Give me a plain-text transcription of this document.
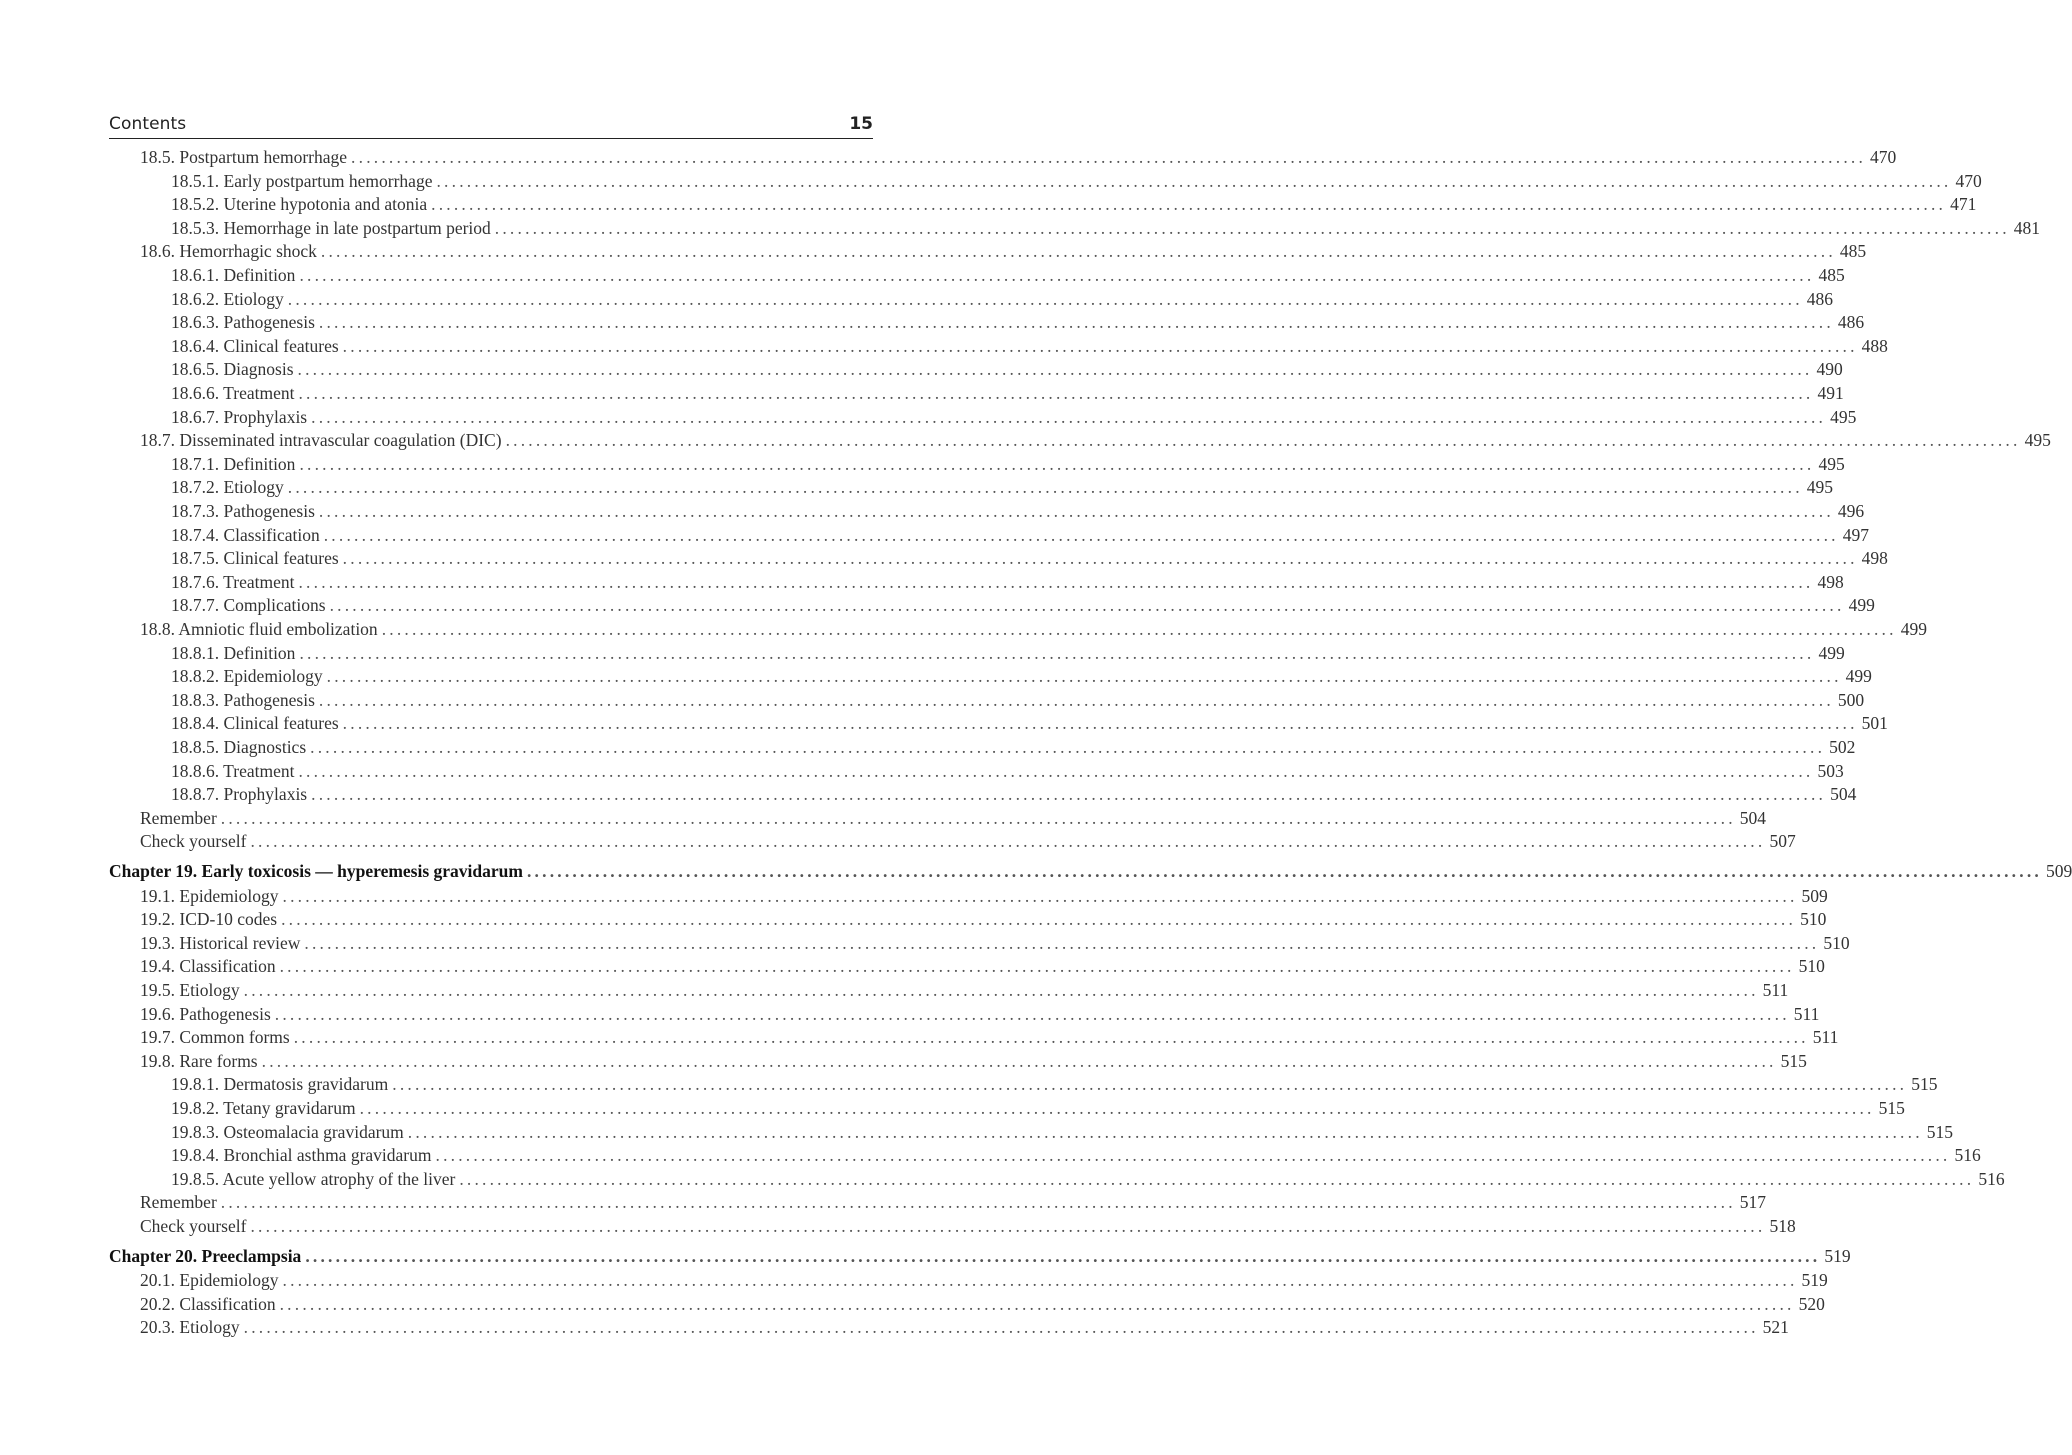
Contents	15
18.5. Postpartum hemorrhage ........................................................................................................................................................................................................ 470
18.5.1. Early postpartum hemorrhage ........................................................................................................................................................................................................ 470
18.5.2. Uterine hypotonia and atonia ........................................................................................................................................................................................................ 471
18.5.3. Hemorrhage in late postpartum period ........................................................................................................................................................................................................ 481
18.6. Hemorrhagic shock ........................................................................................................................................................................................................ 485
18.6.1. Definition ........................................................................................................................................................................................................ 485
18.6.2. Etiology ........................................................................................................................................................................................................ 486
18.6.3. Pathogenesis ........................................................................................................................................................................................................ 486
18.6.4. Clinical features ........................................................................................................................................................................................................ 488
18.6.5. Diagnosis ........................................................................................................................................................................................................ 490
18.6.6. Treatment ........................................................................................................................................................................................................ 491
18.6.7. Prophylaxis ........................................................................................................................................................................................................ 495
18.7. Disseminated intravascular coagulation (DIC) ........................................................................................................................................................................................................ 495
18.7.1. Definition ........................................................................................................................................................................................................ 495
18.7.2. Etiology ........................................................................................................................................................................................................ 495
18.7.3. Pathogenesis ........................................................................................................................................................................................................ 496
18.7.4. Classification ........................................................................................................................................................................................................ 497
18.7.5. Clinical features ........................................................................................................................................................................................................ 498
18.7.6. Treatment ........................................................................................................................................................................................................ 498
18.7.7. Complications ........................................................................................................................................................................................................ 499
18.8. Amniotic fluid embolization ........................................................................................................................................................................................................ 499
18.8.1. Definition ........................................................................................................................................................................................................ 499
18.8.2. Epidemiology ........................................................................................................................................................................................................ 499
18.8.3. Pathogenesis ........................................................................................................................................................................................................ 500
18.8.4. Clinical features ........................................................................................................................................................................................................ 501
18.8.5. Diagnostics ........................................................................................................................................................................................................ 502
18.8.6. Treatment ........................................................................................................................................................................................................ 503
18.8.7. Prophylaxis ........................................................................................................................................................................................................ 504
Remember ........................................................................................................................................................................................................ 504
Check yourself ........................................................................................................................................................................................................ 507
Chapter 19. Early toxicosis — hyperemesis gravidarum ........................................................................................................................................................................................................ 509
19.1. Epidemiology ........................................................................................................................................................................................................ 509
19.2. ICD-10 codes ........................................................................................................................................................................................................ 510
19.3. Historical review ........................................................................................................................................................................................................ 510
19.4. Classification ........................................................................................................................................................................................................ 510
19.5. Etiology ........................................................................................................................................................................................................ 511
19.6. Pathogenesis ........................................................................................................................................................................................................ 511
19.7. Common forms ........................................................................................................................................................................................................ 511
19.8. Rare forms ........................................................................................................................................................................................................ 515
19.8.1. Dermatosis gravidarum ........................................................................................................................................................................................................ 515
19.8.2. Tetany gravidarum ........................................................................................................................................................................................................ 515
19.8.3. Osteomalacia gravidarum ........................................................................................................................................................................................................ 515
19.8.4. Bronchial asthma gravidarum ........................................................................................................................................................................................................ 516
19.8.5. Acute yellow atrophy of the liver ........................................................................................................................................................................................................ 516
Remember ........................................................................................................................................................................................................ 517
Check yourself ........................................................................................................................................................................................................ 518
Chapter 20. Preeclampsia ........................................................................................................................................................................................................ 519
20.1. Epidemiology ........................................................................................................................................................................................................ 519
20.2. Classification ........................................................................................................................................................................................................ 520
20.3. Etiology ........................................................................................................................................................................................................ 521
